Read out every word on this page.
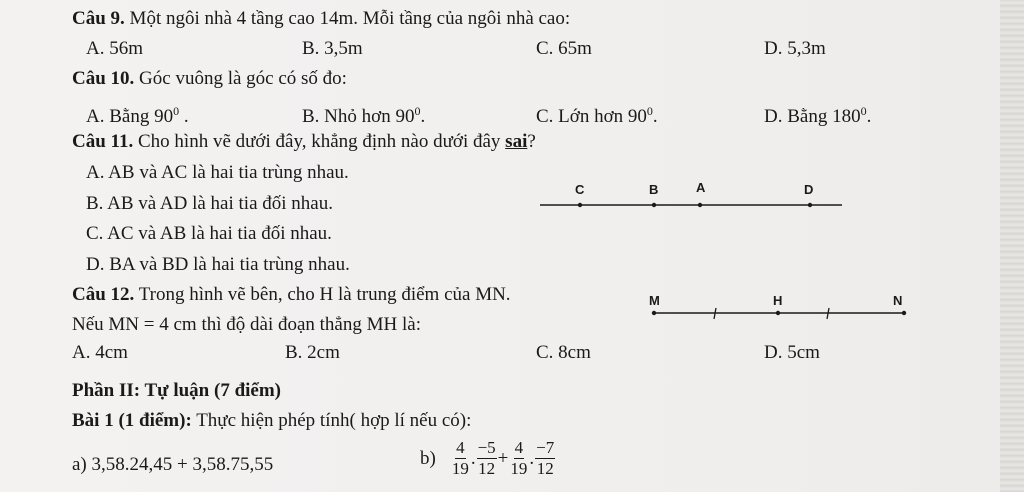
Câu 9. Một ngôi nhà 4 tầng cao 14m. Mỗi tầng của ngôi nhà cao:
A. 56m	B. 3,5m	C. 65m	D. 5,3m
Câu 10. Góc vuông là góc có số đo:
A. Bằng $90^0$ .	B. Nhỏ hơn $90^0$.	C. Lớn hơn $90^0$.	D. Bằng $180^0$.
Câu 11. Cho hình vẽ dưới đây, khẳng định nào dưới đây sai?
A. AB và AC là hai tia trùng nhau.
B. AB và AD là hai tia đối nhau.
C. AC và AB là hai tia đối nhau.
D. BA và BD là hai tia trùng nhau.
C	B	A	D
Câu 12. Trong hình vẽ bên, cho H là trung điểm của MN.
Nếu MN = 4 cm thì độ dài đoạn thẳng MH là:
A. 4cm	B. 2cm	C. 8cm	D. 5cm
M	H	N
Phần II: Tự luận (7 điểm)
Bài 1 (1 điểm): Thực hiện phép tính( hợp lí nếu có):
a) 3,58.24,45 + 3,58.75,55	$b) \frac{4}{19}$ . $\frac{-5}{12} + \frac{4}{19}$ . $\frac{-7}{12}$
